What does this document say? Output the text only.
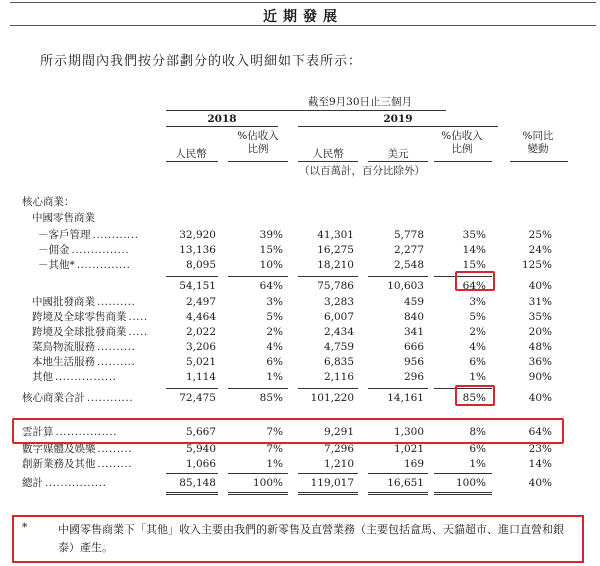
近期發展
所示期間內我們按分部劃分的收入明細如下表所示：
截至9月30日止三個月
2018	2019
%佔收入
比例
人民幣	人民幣	美元
%佔收入
比例
%同比
變動
（以百萬計，百分比除外）
核心商業：
中國零售商業
－客戶管理 ............	32,920	39%	41,301	5,778	35%	25%
－佣金 ...............	13,136	15%	16,275	2,277	14%	24%
－其他* ..............	8,095	10%	18,210	2,548	15%	125%
54,151	64%	75,786	10,603	64%	40%
中國批發商業 ..........	2,497	3%	3,283	459	3%	31%
跨境及全球零售商業 .....	4,464	5%	6,007	840	5%	35%
跨境及全球批發商業 .....	2,022	2%	2,434	341	2%	20%
菜鳥物流服務 ..........	3,206	4%	4,759	666	4%	48%
本地生活服務 ..........	5,021	6%	6,835	956	6%	36%
其他 ................	1,114	1%	2,116	296	1%	90%
核心商業合計 ............	72,475	85%	101,220	14,161	85%	40%
雲計算 ................	5,667	7%	9,291	1,300	8%	64%
數字媒體及娛樂 .........	5,940	7%	7,296	1,021	6%	23%
創新業務及其他 .........	1,066	1%	1,210	169	1%	14%
總計 ................	85,148	100%	119,017	16,651	100%	40%
*	中國零售商業下「其他」收入主要由我們的新零售及直營業務（主要包括盒馬、天貓超市、進口直營和銀泰）產生。
